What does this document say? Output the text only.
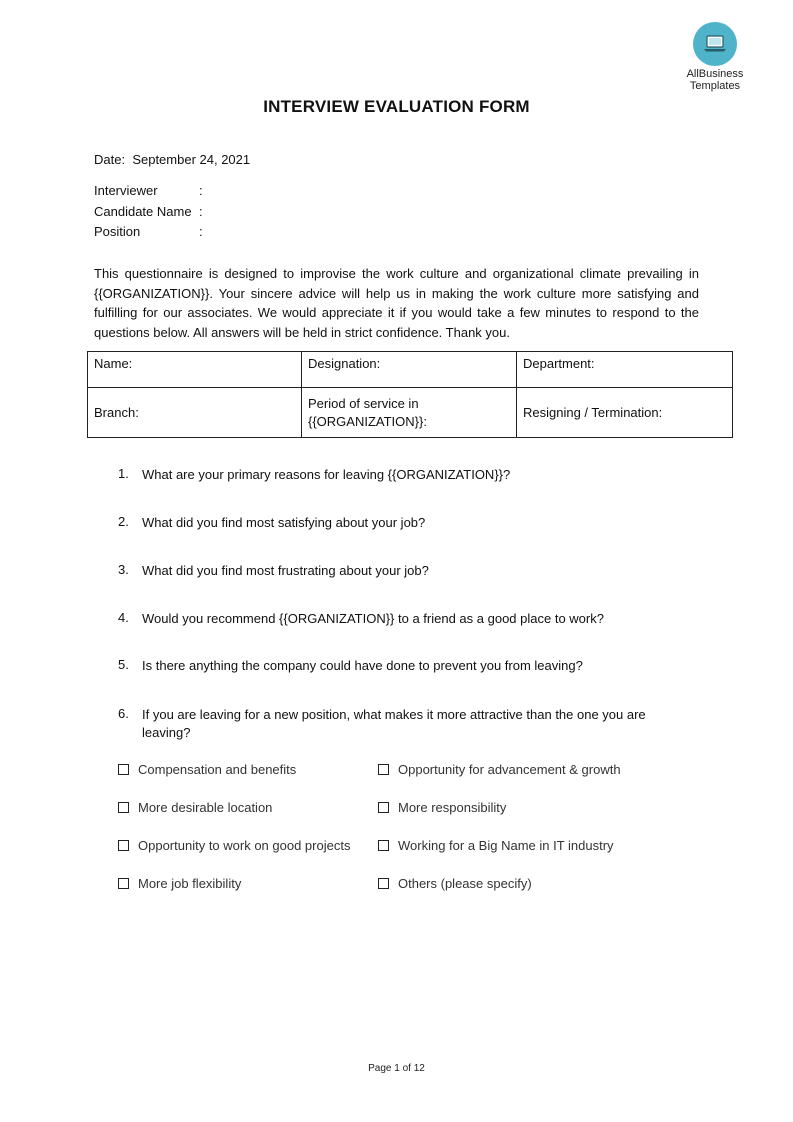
AllBusiness
Templates
INTERVIEW EVALUATION FORM
Date: September 24, 2021
Interviewer	:
Candidate Name :
Position	:
This questionnaire is designed to improvise the work culture and organizational climate prevailing in {{ORGANIZATION}}. Your sincere advice will help us in making the work culture more satisfying and fulfilling for our associates. We would appreciate it if you would take a few minutes to respond to the questions below. All answers will be held in strict confidence. Thank you.
Name:	Designation:	Department:
Branch:	Period of service in {{ORGANIZATION}}:	Resigning / Termination:
1.	What are your primary reasons for leaving {{ORGANIZATION}}?
2.	What did you find most satisfying about your job?
3.	What did you find most frustrating about your job?
4.	Would you recommend {{ORGANIZATION}} to a friend as a good place to work?
5.	Is there anything the company could have done to prevent you from leaving?
6.	If you are leaving for a new position, what makes it more attractive than the one you are leaving?
Compensation and benefits	Opportunity for advancement & growth
More desirable location	More responsibility
Opportunity to work on good projects	Working for a Big Name in IT industry
More job flexibility	Others (please specify)
Page 1 of 12
